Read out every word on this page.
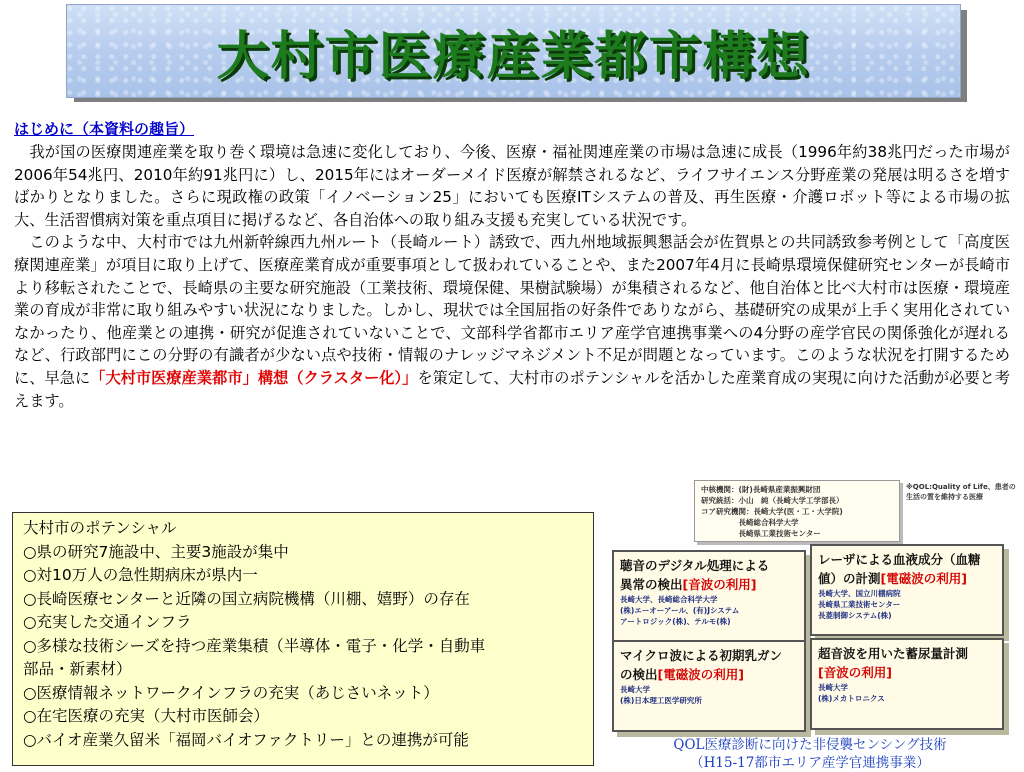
大村市医療産業都市構想
はじめに（本資料の趣旨）

　我が国の医療関連産業を取り巻く環境は急速に変化しており、今後、医療・福祉関連産業の市場は急速に成長（1996年約38兆円だった市場が2006年54兆円、2010年約91兆円に）し、2015年にはオーダーメイド医療が解禁されるなど、ライフサイエンス分野産業の発展は明るさを増すばかりとなりました。さらに現政権の政策「イノベーション25」においても医療ITシステムの普及、再生医療・介護ロボット等による市場の拡大、生活習慣病対策を重点項目に掲げるなど、各自治体への取り組み支援も充実している状況です。

　このような中、大村市では九州新幹線西九州ルート（長崎ルート）誘致で、西九州地域振興懇話会が佐賀県との共同誘致参考例として「高度医療関連産業」が項目に取り上げて、医療産業育成が重要事項として扱われていることや、また2007年4月に長崎県環境保健研究センターが長崎市より移転されたことで、長崎県の主要な研究施設（工業技術、環境保健、果樹試験場）が集積されるなど、他自治体と比べ大村市は医療・環境産業の育成が非常に取り組みやすい状況になりました。しかし、現状では全国屈指の好条件でありながら、基礎研究の成果が上手く実用化されていなかったり、他産業との連携・研究が促進されていないことで、文部科学省都市エリア産学官連携事業への4分野の産学官民の関係強化が遅れるなど、行政部門にこの分野の有識者が少ない点や技術・情報のナレッジマネジメント不足が問題となっています。このような状況を打開するために、早急に「大村市医療産業都市」構想（クラスター化）」を策定して、大村市のポテンシャルを活かした産業育成の実現に向けた活動が必要と考えます。

大村市のポテンシャル
○県の研究7施設中、主要3施設が集中
○対10万人の急性期病床が県内一
○長崎医療センターと近隣の国立病院機構（川棚、嬉野）の存在
○充実した交通インフラ
○多様な技術シーズを持つ産業集積（半導体・電子・化学・自動車
部品・新素材）
○医療情報ネットワークインフラの充実（あじさいネット）
○在宅医療の充実（大村市医師会）
○バイオ産業久留米「福岡バイオファクトリー」との連携が可能
中核機関：(財)長崎県産業振興財団
研究統括：小山　純（長崎大学工学部長）
コア研究機関：長崎大学(医・工・大学院)
　　　　　長崎総合科学大学
　　　　　長崎県工業技術センター
※QOL:Quality of Life、患者の生活の質を維持する医療
聴音のデジタル処理による
異常の検出[音波の利用]
長崎大学、長崎総合科学大学
(株)エーオーアール、(有)Jシステム
アートロジック(株)、テルモ(株)
レーザによる血液成分（血糖
値）の計測[電磁波の利用]
長崎大学、国立川棚病院
長崎県工業技術センター
長菱制御システム(株)
マイクロ波による初期乳ガン
の検出[電磁波の利用]
長崎大学
(株)日本理工医学研究所
超音波を用いた蓄尿量計測
[音波の利用]
長崎大学
(株)メカトロニクス
QOL医療診断に向けた非侵襲センシング技術
（H15-17都市エリア産学官連携事業）
